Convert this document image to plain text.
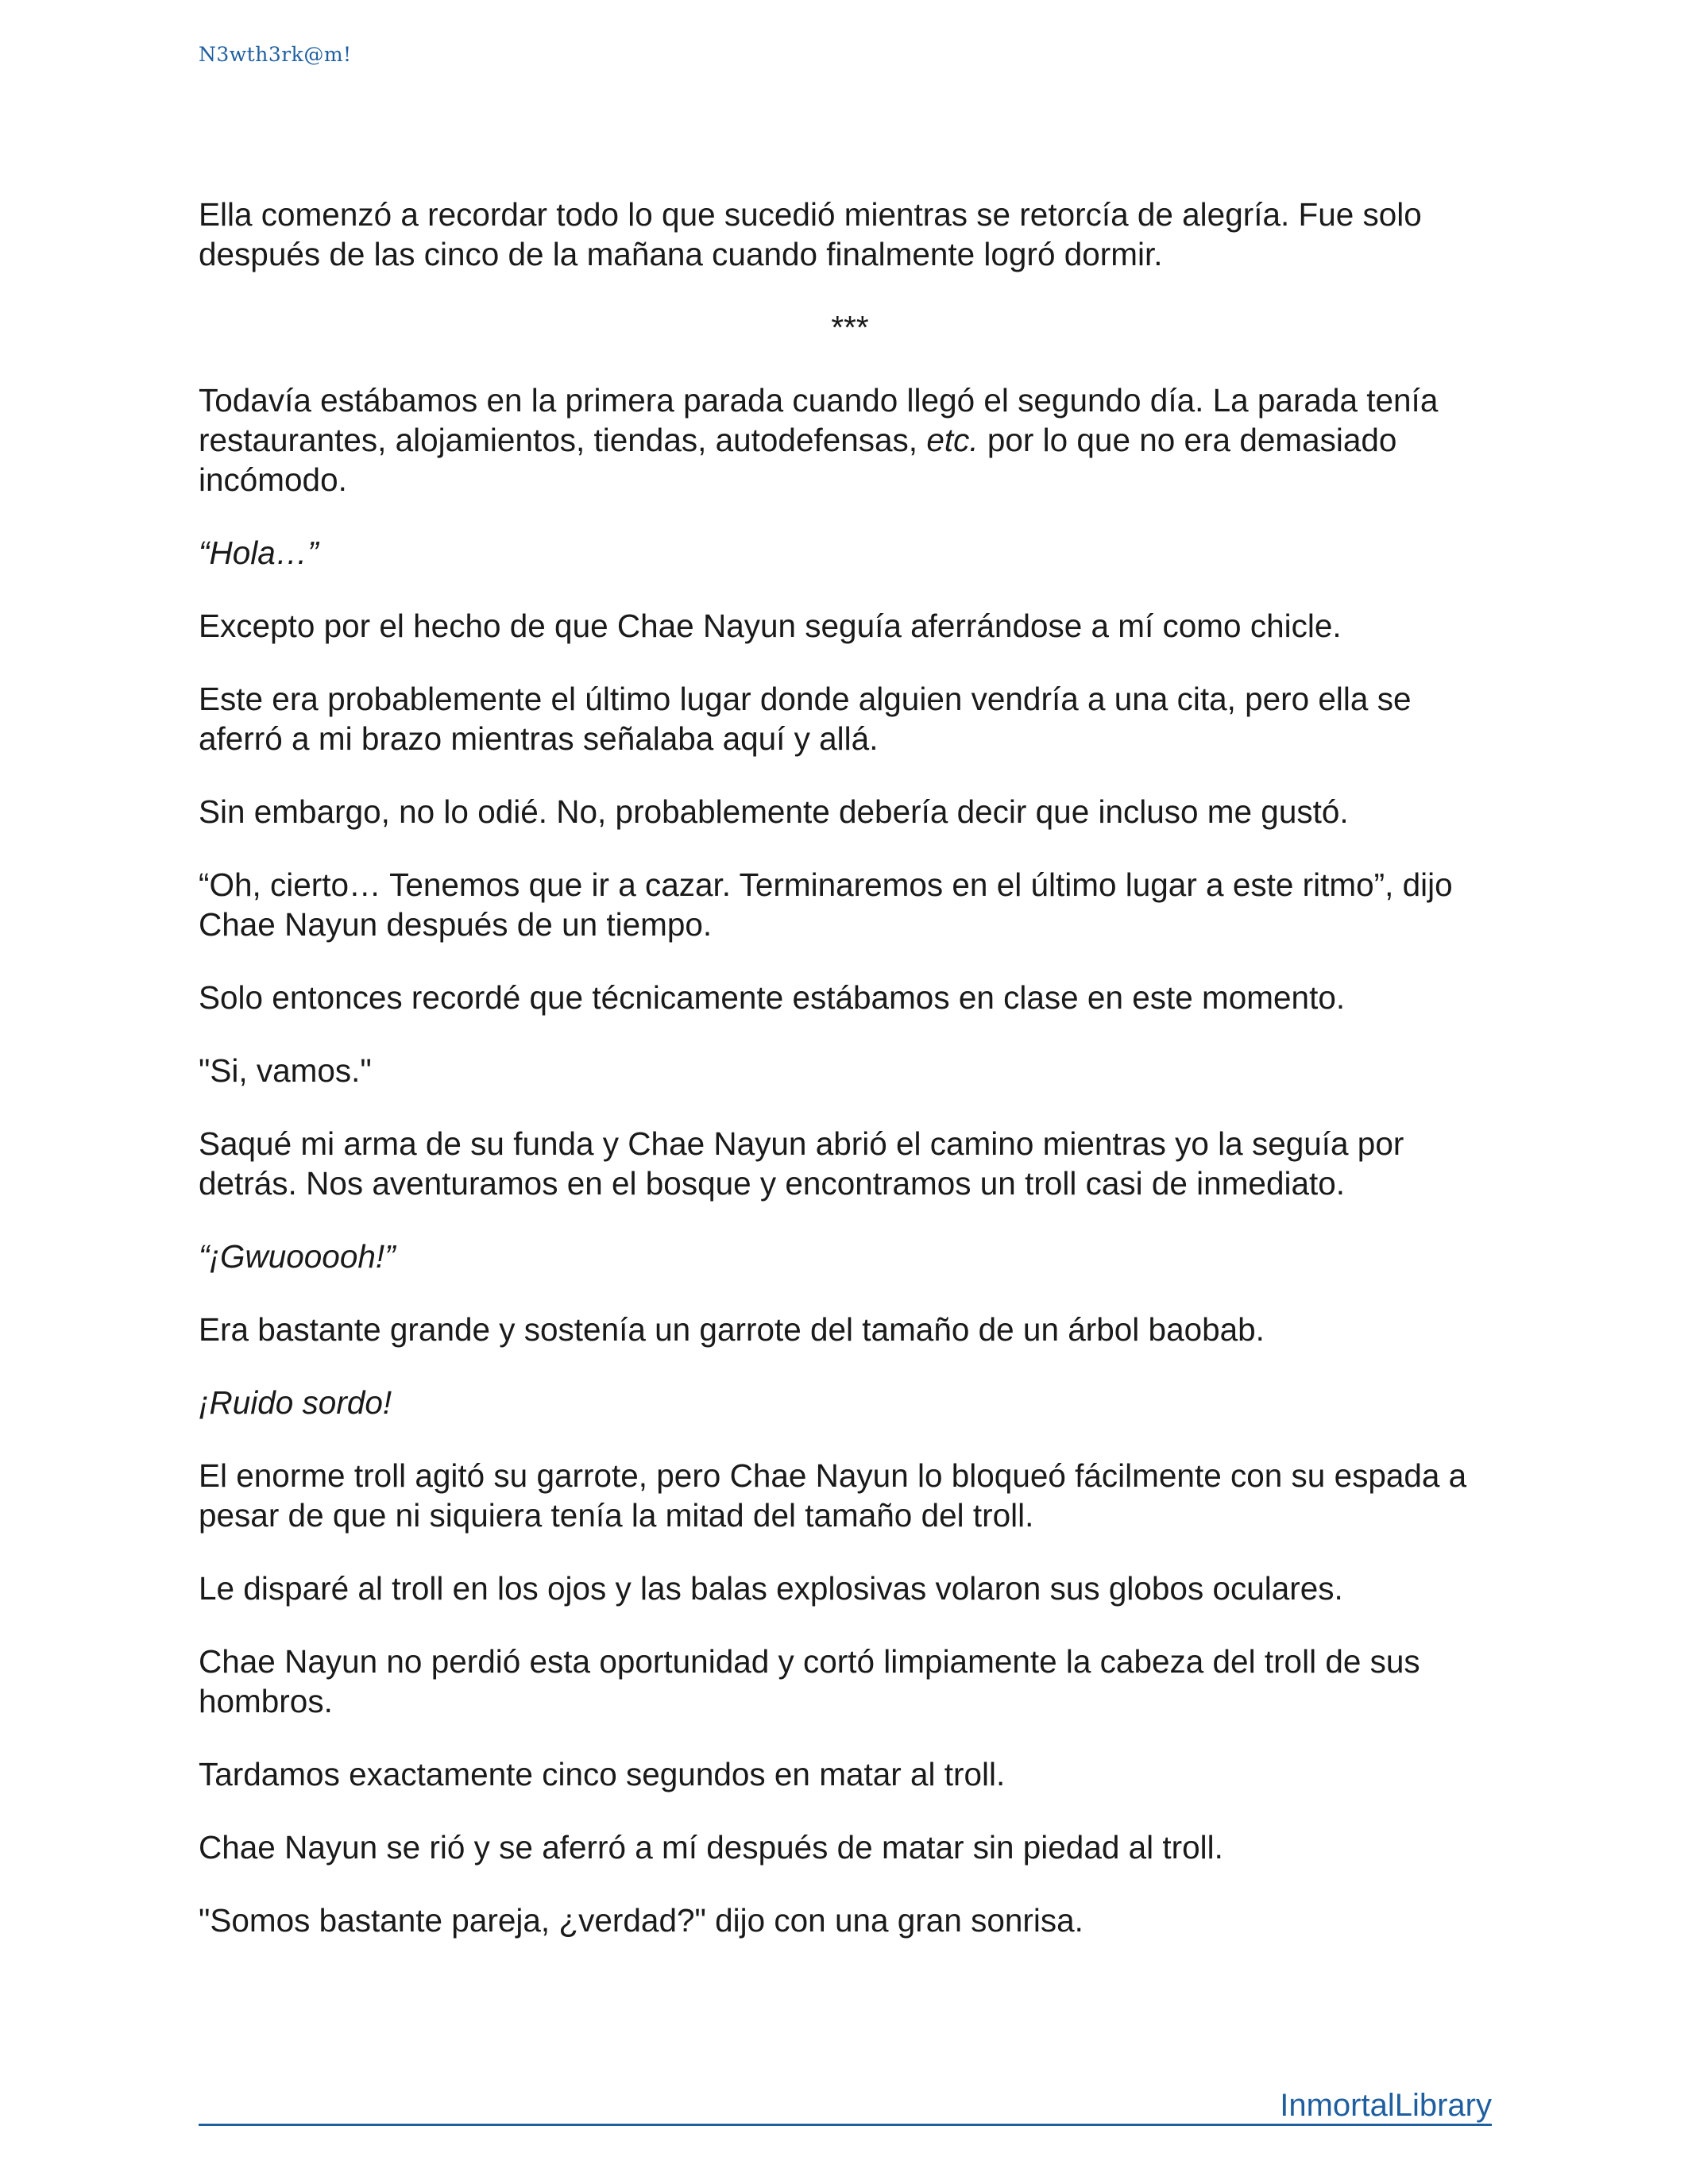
N3wth3rk@m!

Ella comenzó a recordar todo lo que sucedió mientras se retorcía de alegría. Fue solo después de las cinco de la mañana cuando finalmente logró dormir.

***

Todavía estábamos en la primera parada cuando llegó el segundo día. La parada tenía restaurantes, alojamientos, tiendas, autodefensas, etc. por lo que no era demasiado incómodo.

“Hola…”

Excepto por el hecho de que Chae Nayun seguía aferrándose a mí como chicle.

Este era probablemente el último lugar donde alguien vendría a una cita, pero ella se aferró a mi brazo mientras señalaba aquí y allá.

Sin embargo, no lo odié. No, probablemente debería decir que incluso me gustó.

“Oh, cierto… Tenemos que ir a cazar. Terminaremos en el último lugar a este ritmo”, dijo Chae Nayun después de un tiempo.

Solo entonces recordé que técnicamente estábamos en clase en este momento.

"Si, vamos."

Saqué mi arma de su funda y Chae Nayun abrió el camino mientras yo la seguía por detrás. Nos aventuramos en el bosque y encontramos un troll casi de inmediato.

“¡Gwuooooh!”

Era bastante grande y sostenía un garrote del tamaño de un árbol baobab.

¡Ruido sordo!

El enorme troll agitó su garrote, pero Chae Nayun lo bloqueó fácilmente con su espada a pesar de que ni siquiera tenía la mitad del tamaño del troll.

Le disparé al troll en los ojos y las balas explosivas volaron sus globos oculares.

Chae Nayun no perdió esta oportunidad y cortó limpiamente la cabeza del troll de sus hombros.

Tardamos exactamente cinco segundos en matar al troll.

Chae Nayun se rió y se aferró a mí después de matar sin piedad al troll.

"Somos bastante pareja, ¿verdad?" dijo con una gran sonrisa.

InmortalLibrary
